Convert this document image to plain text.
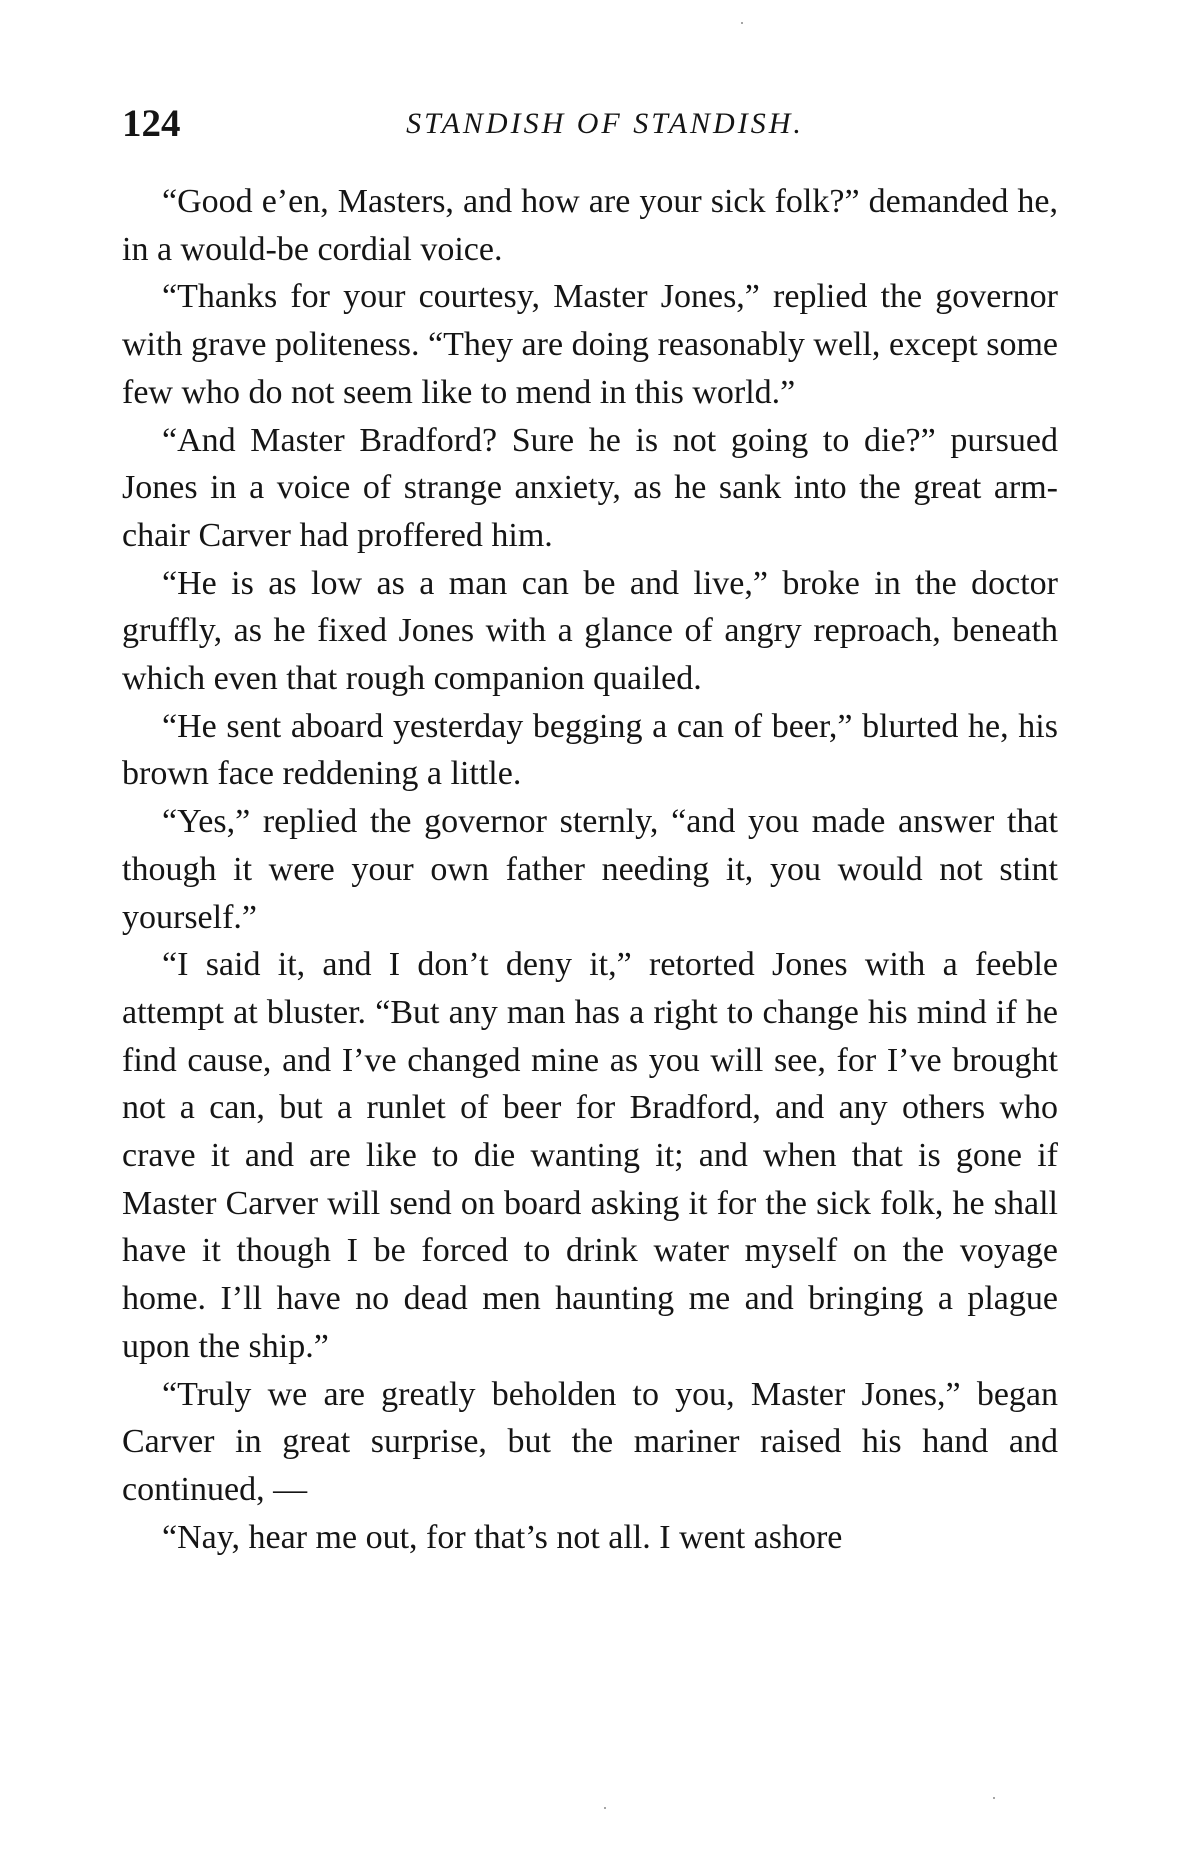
124	STANDISH OF STANDISH.

“Good e’en, Masters, and how are your sick folk?” demanded he, in a would-be cordial voice.

“Thanks for your courtesy, Master Jones,” replied the governor with grave politeness. “They are doing reasonably well, except some few who do not seem like to mend in this world.”

“And Master Bradford? Sure he is not going to die?” pursued Jones in a voice of strange anxiety, as he sank into the great arm-chair Carver had proffered him.

“He is as low as a man can be and live,” broke in the doctor gruffly, as he fixed Jones with a glance of angry reproach, beneath which even that rough companion quailed.

“He sent aboard yesterday begging a can of beer,” blurted he, his brown face reddening a little.

“Yes,” replied the governor sternly, “and you made answer that though it were your own father needing it, you would not stint yourself.”

“I said it, and I don’t deny it,” retorted Jones with a feeble attempt at bluster. “But any man has a right to change his mind if he find cause, and I’ve changed mine as you will see, for I’ve brought not a can, but a runlet of beer for Bradford, and any others who crave it and are like to die wanting it; and when that is gone if Master Carver will send on board asking it for the sick folk, he shall have it though I be forced to drink water myself on the voyage home. I’ll have no dead men haunting me and bringing a plague upon the ship.”

“Truly we are greatly beholden to you, Master Jones,” began Carver in great surprise, but the mariner raised his hand and continued, —

“Nay, hear me out, for that’s not all. I went ashore
